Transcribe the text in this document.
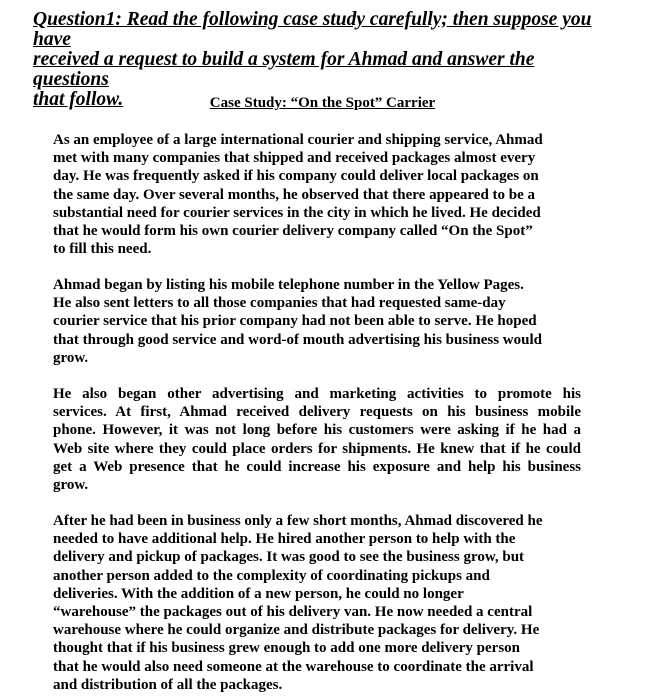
Question1: Read the following case study carefully; then suppose you have
received a request to build a system for Ahmad and answer the questions
that follow.	Case Study: “On the Spot” Carrier
As an employee of a large international courier and shipping service, Ahmad
met with many companies that shipped and received packages almost every
day. He was frequently asked if his company could deliver local packages on
the same day. Over several months, he observed that there appeared to be a
substantial need for courier services in the city in which he lived. He decided
that he would form his own courier delivery company called “On the Spot”
to fill this need.
Ahmad began by listing his mobile telephone number in the Yellow Pages.
He also sent letters to all those companies that had requested same-day
courier service that his prior company had not been able to serve. He hoped
that through good service and word-of mouth advertising his business would
grow.
He also began other advertising and marketing activities to promote his
services. At first, Ahmad received delivery requests on his business mobile
phone. However, it was not long before his customers were asking if he had a
Web site where they could place orders for shipments. He knew that if he could
get a Web presence that he could increase his exposure and help his business
grow.
After he had been in business only a few short months, Ahmad discovered he
needed to have additional help. He hired another person to help with the
delivery and pickup of packages. It was good to see the business grow, but
another person added to the complexity of coordinating pickups and
deliveries. With the addition of a new person, he could no longer
“warehouse” the packages out of his delivery van. He now needed a central
warehouse where he could organize and distribute packages for delivery. He
thought that if his business grew enough to add one more delivery person
that he would also need someone at the warehouse to coordinate the arrival
and distribution of all the packages.
